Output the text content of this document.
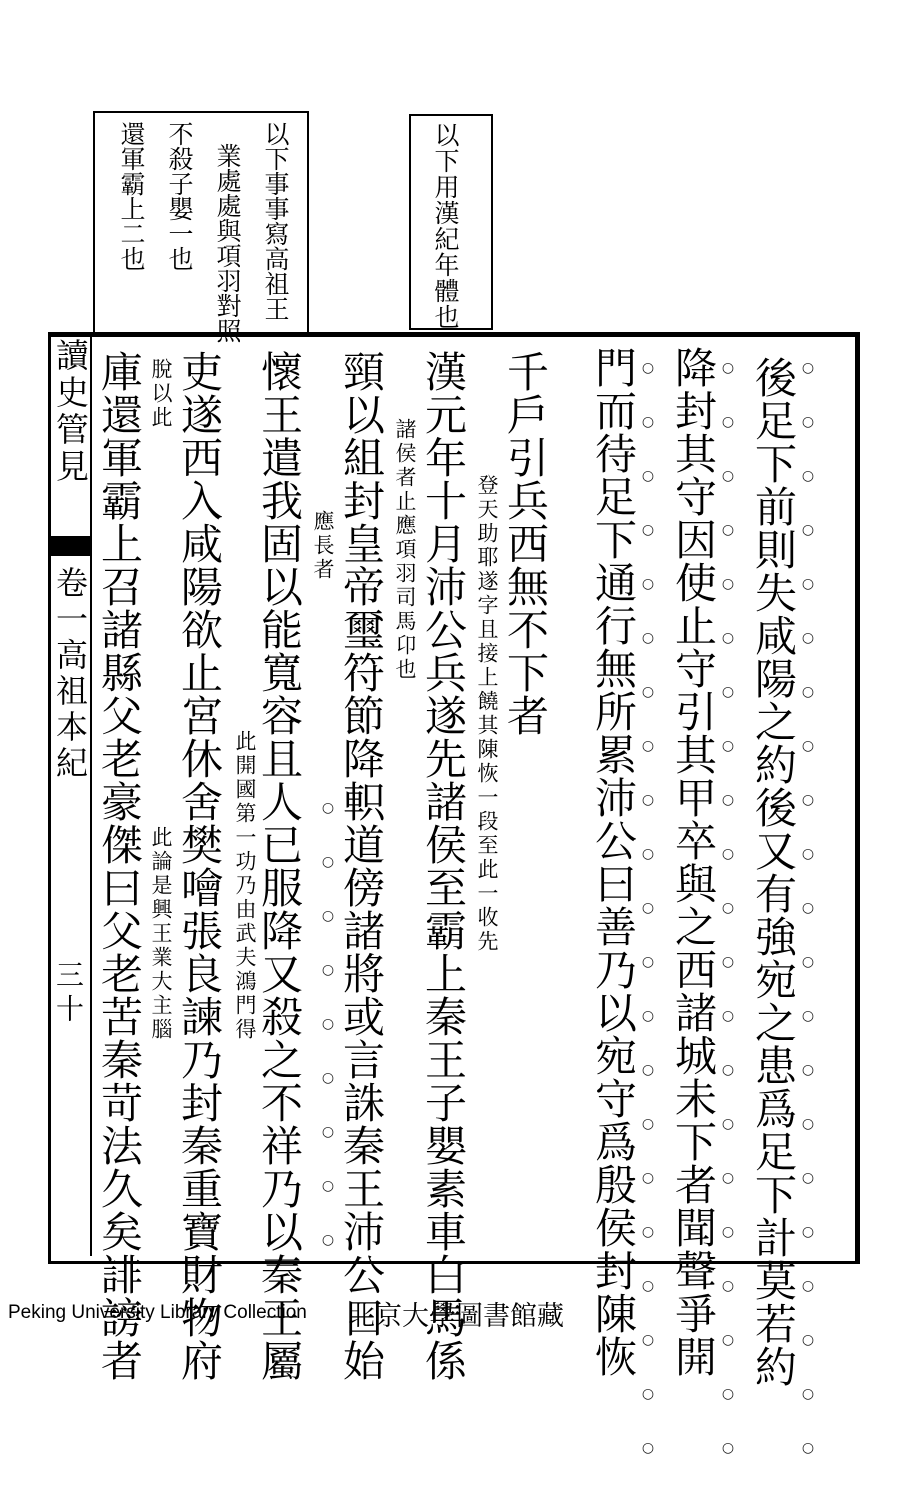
以下用漢紀年體也
以下事事寫高祖王
業處處與項羽對照
不殺子嬰一也
還軍霸上二也
讀史管見
卷一高祖本紀
三十	後足下前則失咸陽之約後又有強宛之患爲足下計莫若約
降封其守因使止守引其甲卒與之西諸城未下者聞聲爭開
門而待足下通行無所累沛公曰善乃以宛守爲殷侯封陳恢
千戶引兵西無不下者
登天助耶遂字且接上饒其陳恢一段至此一收先
漢元年十月沛公兵遂先諸侯至霸上秦王子嬰素車白馬係
諸侯者止應項羽司馬卬也
頸以組封皇帝璽符節降軹道傍諸將或言誅秦王沛公曰始
應長者
懷王遣我固以能寬容且人已服降又殺之不祥乃以秦王屬
此開國第一功乃由武夫鴻門得
吏遂西入咸陽欲止宮休舍樊噲張良諫乃封秦重寶財物府
脫以此
此論是興王業大主腦
庫還軍霸上召諸縣父老豪傑曰父老苦秦苛法久矣誹謗者	○○○○○○○○○○○○○○○○○○○○○
○○○○○○○○○○○○○○○○○○○○○
○○○○○○○○○○○○○○○○○○○○○
○○○○○○○○○
Peking University Library Collection 北京大學圖書館藏
